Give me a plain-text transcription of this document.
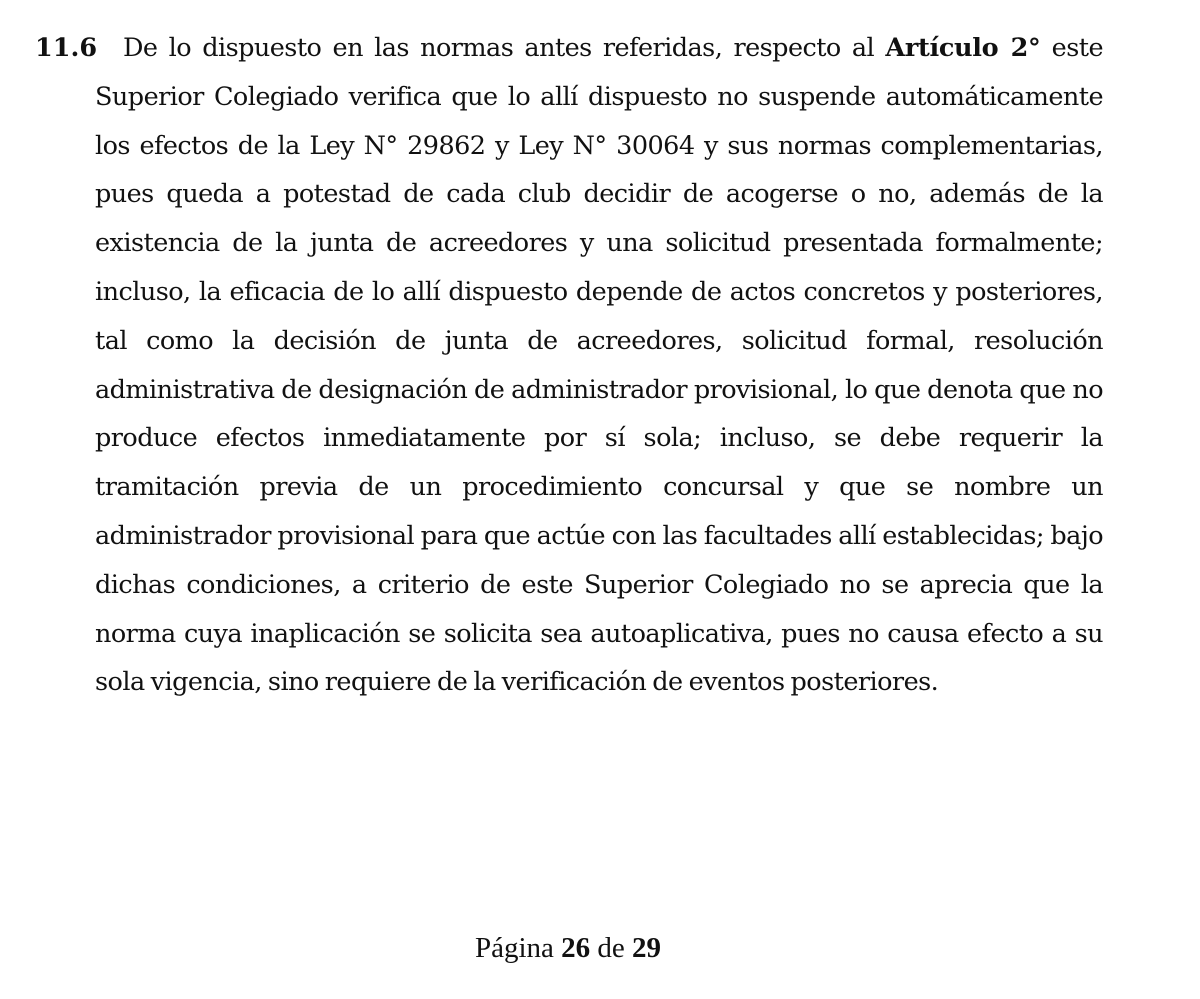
11.6	De lo dispuesto en las normas antes referidas, respecto al Artículo 2° este Superior Colegiado verifica que lo allí dispuesto no suspende automáticamente los efectos de la Ley N° 29862 y Ley N° 30064 y sus normas complementarias, pues queda a potestad de cada club decidir de acogerse o no, además de la existencia de la junta de acreedores y una solicitud presentada formalmente; incluso, la eficacia de lo allí dispuesto depende de actos concretos y posteriores, tal como la decisión de junta de acreedores, solicitud formal, resolución administrativa de designación de administrador provisional, lo que denota que no produce efectos inmediatamente por sí sola; incluso, se debe requerir la tramitación previa de un procedimiento concursal y que se nombre un administrador provisional para que actúe con las facultades allí establecidas; bajo dichas condiciones, a criterio de este Superior Colegiado no se aprecia que la norma cuya inaplicación se solicita sea autoaplicativa, pues no causa efecto a su sola vigencia, sino requiere de la verificación de eventos posteriores.

Página 26 de 29
